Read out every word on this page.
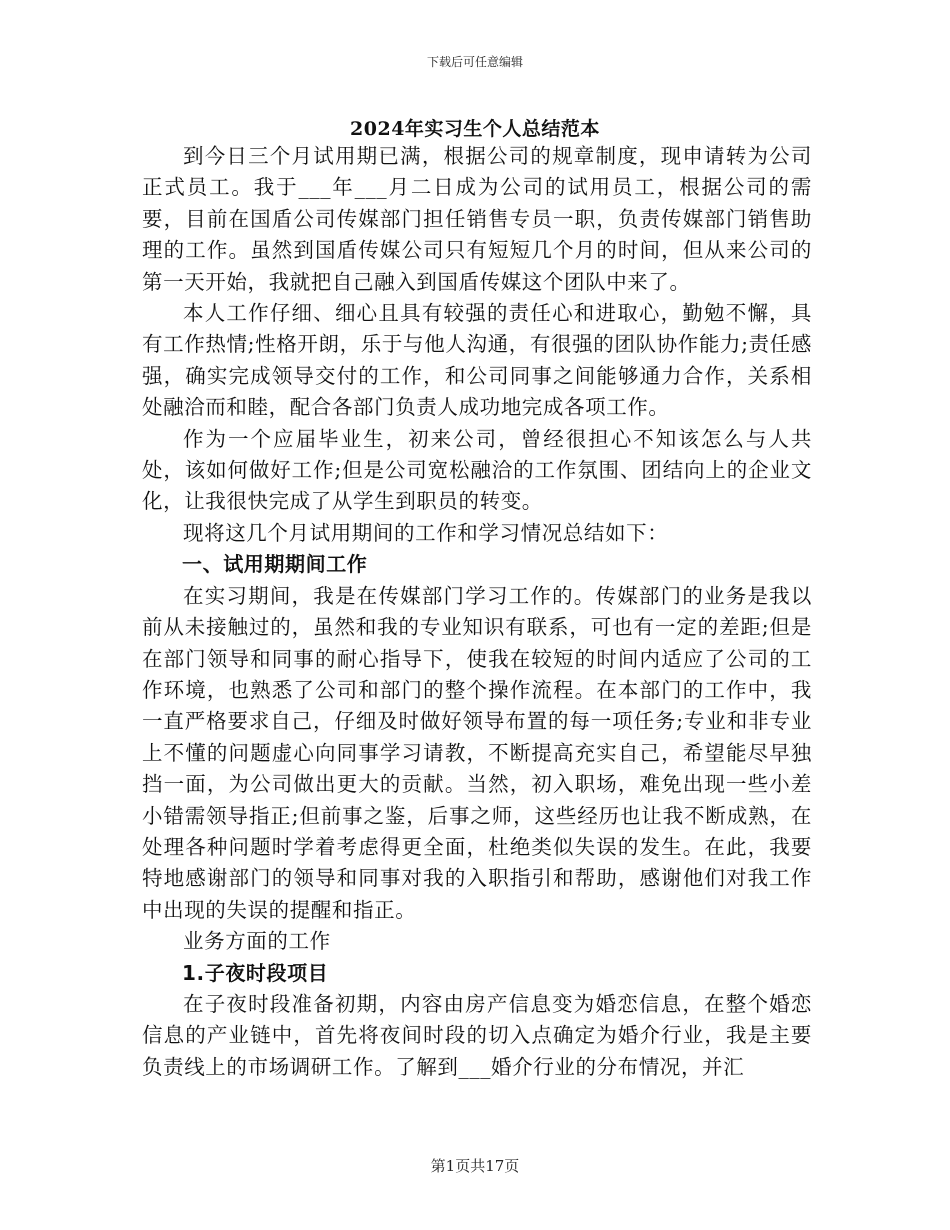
下载后可任意编辑
2024年实习生个人总结范本

到今日三个月试用期已满，根据公司的规章制度，现申请转为公司正式员工。我于___年___月二日成为公司的试用员工，根据公司的需要，目前在国盾公司传媒部门担任销售专员一职，负责传媒部门销售助理的工作。虽然到国盾传媒公司只有短短几个月的时间，但从来公司的第一天开始，我就把自己融入到国盾传媒这个团队中来了。

本人工作仔细、细心且具有较强的责任心和进取心，勤勉不懈，具有工作热情;性格开朗，乐于与他人沟通，有很强的团队协作能力;责任感强，确实完成领导交付的工作，和公司同事之间能够通力合作，关系相处融洽而和睦，配合各部门负责人成功地完成各项工作。

作为一个应届毕业生，初来公司，曾经很担心不知该怎么与人共处，该如何做好工作;但是公司宽松融洽的工作氛围、团结向上的企业文化，让我很快完成了从学生到职员的转变。

现将这几个月试用期间的工作和学习情况总结如下：

一、试用期期间工作

在实习期间，我是在传媒部门学习工作的。传媒部门的业务是我以前从未接触过的，虽然和我的专业知识有联系，可也有一定的差距;但是在部门领导和同事的耐心指导下，使我在较短的时间内适应了公司的工作环境，也熟悉了公司和部门的整个操作流程。在本部门的工作中，我一直严格要求自己，仔细及时做好领导布置的每一项任务;专业和非专业上不懂的问题虚心向同事学习请教，不断提高充实自己，希望能尽早独挡一面，为公司做出更大的贡献。当然，初入职场，难免出现一些小差小错需领导指正;但前事之鉴，后事之师，这些经历也让我不断成熟，在处理各种问题时学着考虑得更全面，杜绝类似失误的发生。在此，我要特地感谢部门的领导和同事对我的入职指引和帮助，感谢他们对我工作中出现的失误的提醒和指正。

业务方面的工作

1.子夜时段项目

在子夜时段准备初期，内容由房产信息变为婚恋信息，在整个婚恋信息的产业链中，首先将夜间时段的切入点确定为婚介行业，我是主要负责线上的市场调研工作。了解到___婚介行业的分布情况，并汇

第1页共17页
